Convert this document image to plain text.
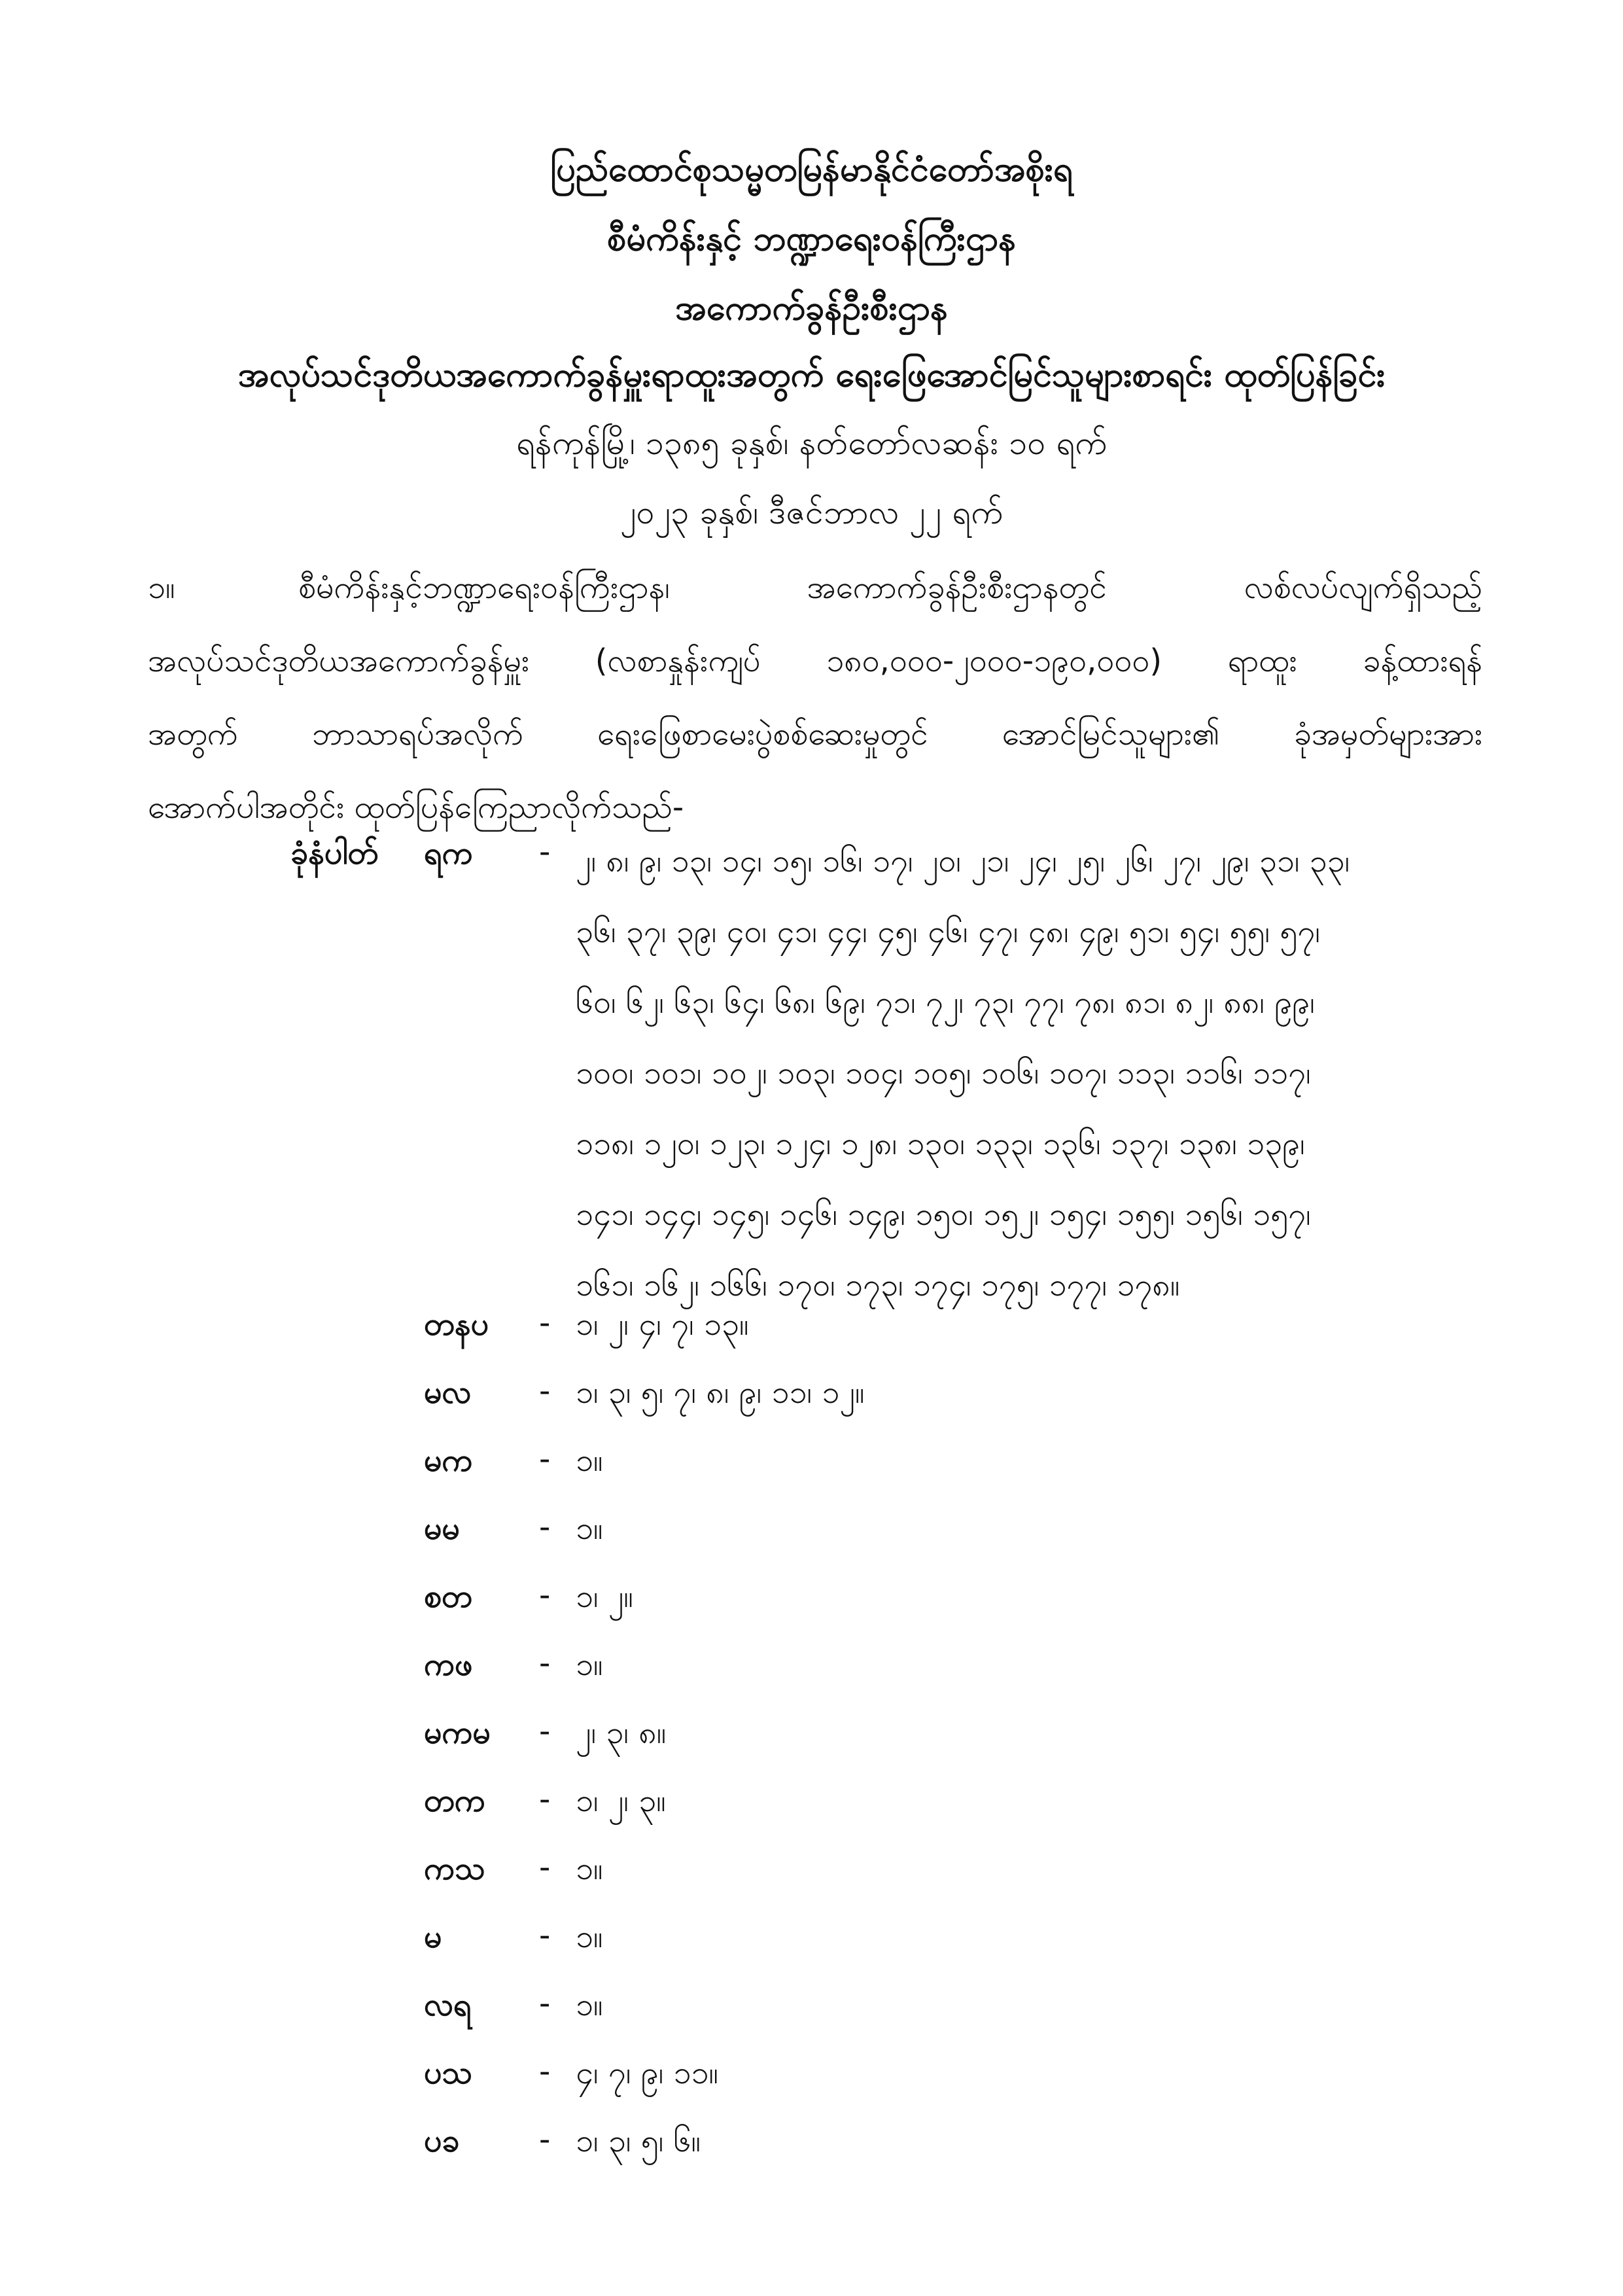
ပြည်ထောင်စုသမ္မတမြန်မာနိုင်ငံတော်အစိုးရ
စီမံကိန်းနှင့် ဘဏ္ဍာရေးဝန်ကြီးဌာန
အကောက်ခွန်ဦးစီးဌာန
အလုပ်သင်ဒုတိယအကောက်ခွန်မှူးရာထူးအတွက် ရေးဖြေအောင်မြင်သူများစာရင်း ထုတ်ပြန်ခြင်း
ရန်ကုန်မြို့၊ ၁၃၈၅ ခုနှစ်၊ နတ်တော်လဆန်း ၁၀ ရက်
၂၀၂၃ ခုနှစ်၊ ဒီဇင်ဘာလ ၂၂ ရက်
၁။	စီမံကိန်းနှင့်ဘဏ္ဍာရေးဝန်ကြီးဌာန၊ အကောက်ခွန်ဦးစီးဌာနတွင် လစ်လပ်လျက်ရှိသည့်
အလုပ်သင်ဒုတိယအကောက်ခွန်မှူး (လစာနှုန်းကျပ် ၁၈၀,၀၀၀-၂၀၀၀-၁၉၀,၀၀၀) ရာထူး ခန့်ထားရန်
အတွက် ဘာသာရပ်အလိုက် ရေးဖြေစာမေးပွဲစစ်ဆေးမှုတွင် အောင်မြင်သူများ၏ ခုံအမှတ်များအား
အောက်ပါအတိုင်း ထုတ်ပြန်ကြေညာလိုက်သည်-
ခုံနံပါတ် ရက - ၂၊ ၈၊ ၉၊ ၁၃၊ ၁၄၊ ၁၅၊ ၁၆၊ ၁၇၊ ၂၀၊ ၂၁၊ ၂၄၊ ၂၅၊ ၂၆၊ ၂၇၊ ၂၉၊ ၃၁၊ ၃၃၊
၃၆၊ ၃၇၊ ၃၉၊ ၄၀၊ ၄၁၊ ၄၄၊ ၄၅၊ ၄၆၊ ၄၇၊ ၄၈၊ ၄၉၊ ၅၁၊ ၅၄၊ ၅၅၊ ၅၇၊
၆၀၊ ၆၂၊ ၆၃၊ ၆၄၊ ၆၈၊ ၆၉၊ ၇၁၊ ၇၂၊ ၇၃၊ ၇၇၊ ၇၈၊ ၈၁၊ ၈၂၊ ၈၈၊ ၉၉၊
၁၀၀၊ ၁၀၁၊ ၁၀၂၊ ၁၀၃၊ ၁၀၄၊ ၁၀၅၊ ၁၀၆၊ ၁၀၇၊ ၁၁၃၊ ၁၁၆၊ ၁၁၇၊
၁၁၈၊ ၁၂၀၊ ၁၂၃၊ ၁၂၄၊ ၁၂၈၊ ၁၃၀၊ ၁၃၃၊ ၁၃၆၊ ၁၃၇၊ ၁၃၈၊ ၁၃၉၊
၁၄၁၊ ၁၄၄၊ ၁၄၅၊ ၁၄၆၊ ၁၄၉၊ ၁၅၀၊ ၁၅၂၊ ၁၅၄၊ ၁၅၅၊ ၁၅၆၊ ၁၅၇၊
၁၆၁၊ ၁၆၂၊ ၁၆၆၊ ၁၇၀၊ ၁၇၃၊ ၁၇၄၊ ၁၇၅၊ ၁၇၇၊ ၁၇၈။
တနပ - ၁၊ ၂၊ ၄၊ ၇၊ ၁၃။
မလ - ၁၊ ၃၊ ၅၊ ၇၊ ၈၊ ၉၊ ၁၁၊ ၁၂။
မက - ၁။
မမ	- ၁။
စတ - ၁၊ ၂။
ကဖ - ၁။
မကမ - ၂၊ ၃၊ ၈။
တက - ၁၊ ၂၊ ၃။
ကသ - ၁။
မ	- ၁။
လရ - ၁။
ပသ - ၄၊ ၇၊ ၉၊ ၁၁။
ပခ	- ၁၊ ၃၊ ၅၊ ၆။
